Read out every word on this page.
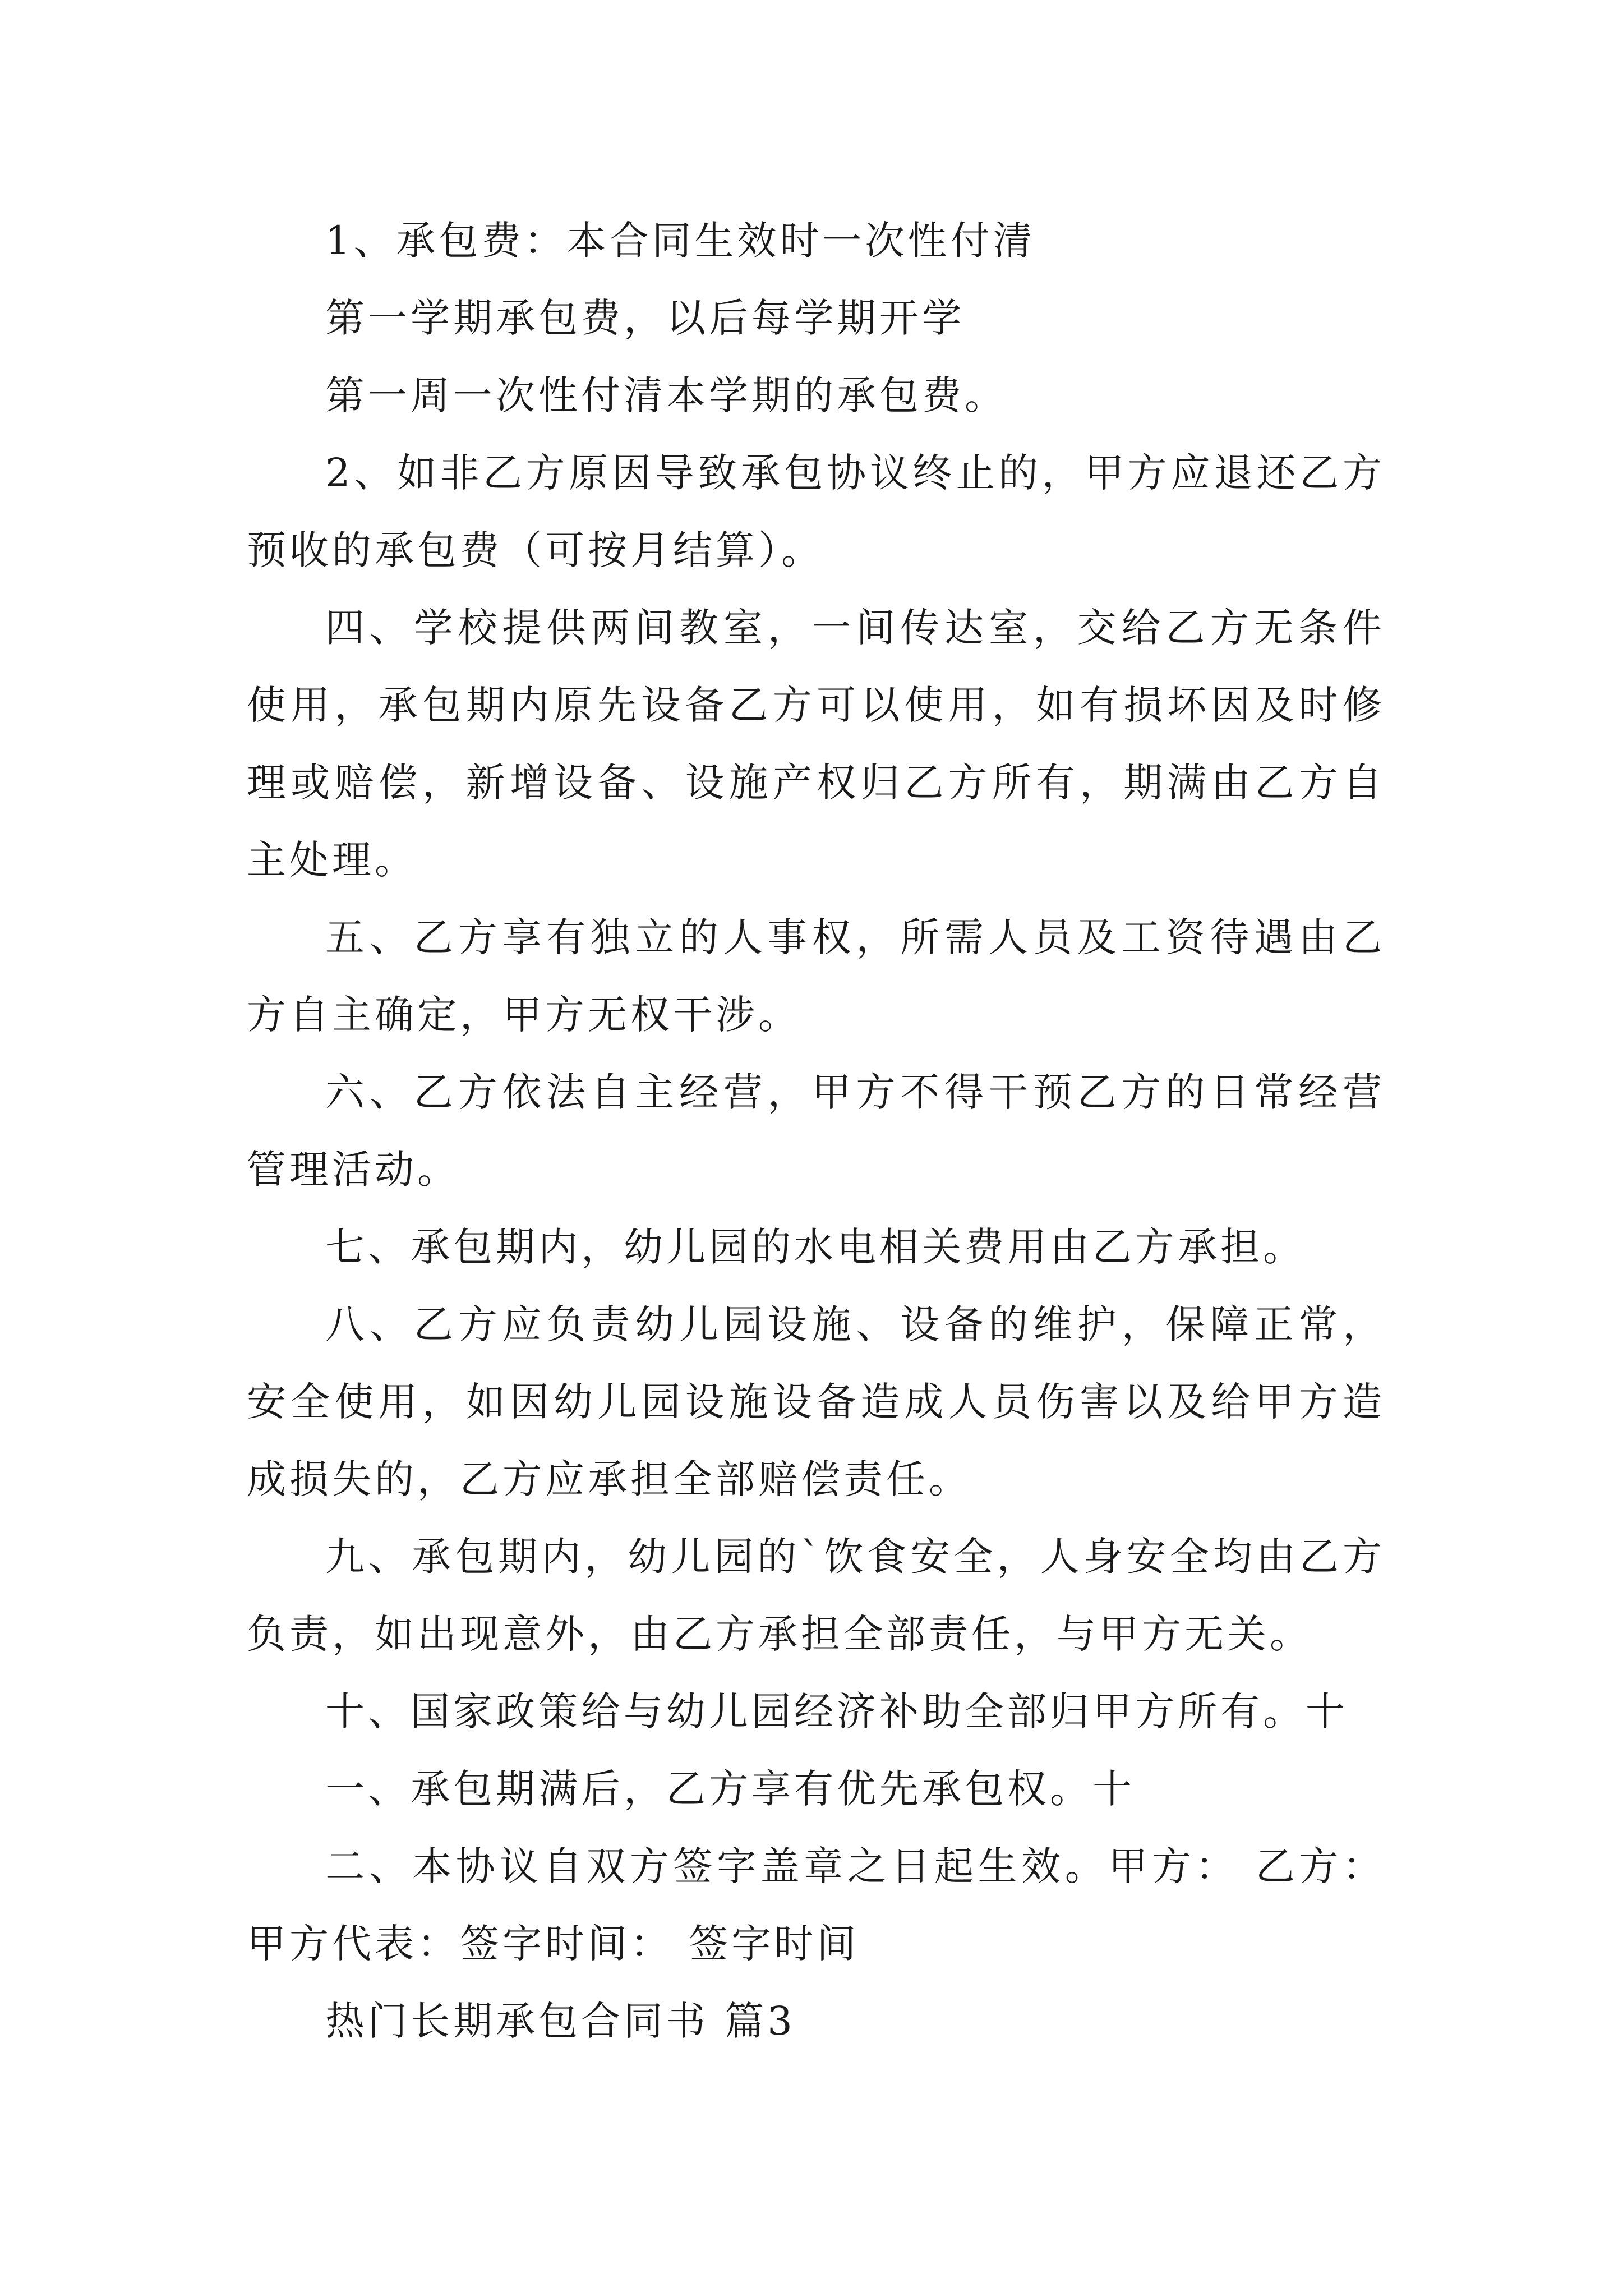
1、承包费：本合同生效时一次性付清

第一学期承包费，以后每学期开学

第一周一次性付清本学期的承包费。

2、如非乙方原因导致承包协议终止的，甲方应退还乙方预收的承包费（可按月结算）。

四、学校提供两间教室，一间传达室，交给乙方无条件使用，承包期内原先设备乙方可以使用，如有损坏因及时修理或赔偿，新增设备、设施产权归乙方所有，期满由乙方自主处理。

五、乙方享有独立的人事权，所需人员及工资待遇由乙方自主确定，甲方无权干涉。

六、乙方依法自主经营，甲方不得干预乙方的日常经营管理活动。

七、承包期内，幼儿园的水电相关费用由乙方承担。

八、乙方应负责幼儿园设施、设备的维护，保障正常，安全使用，如因幼儿园设施设备造成人员伤害以及给甲方造成损失的，乙方应承担全部赔偿责任。

九、承包期内，幼儿园的`饮食安全，人身安全均由乙方负责，如出现意外，由乙方承担全部责任，与甲方无关。

十、国家政策给与幼儿园经济补助全部归甲方所有。十

一、承包期满后，乙方享有优先承包权。十

二、本协议自双方签字盖章之日起生效。甲方： 乙方：甲方代表：签字时间： 签字时间

热门长期承包合同书 篇3
